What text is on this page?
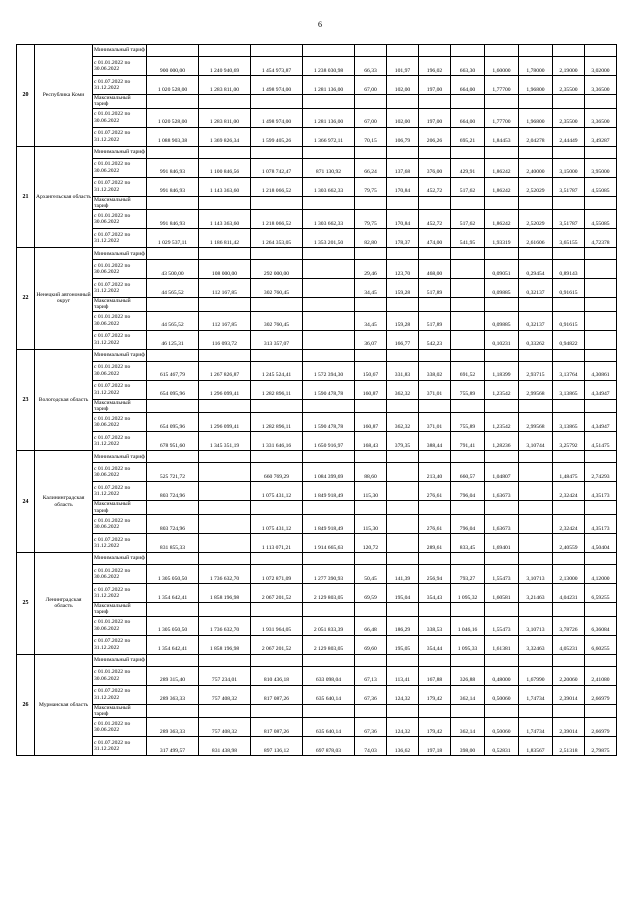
6
20	Республика Коми	Минимальный тариф												
		с 01.01.2022 по 30.06.2022	900 000,00	1 240 940,69	1 454 973,87	1 238 030,98	66,33	101,97	196,02	663,30	1,60000	1,78000	2,19000	3,02000
		с 01.07.2022 по 31.12.2022	1 020 528,00	1 283 811,00	1 498 974,00	1 281 136,00	67,00	102,00	197,00	664,00	1,77700	1,96800	2,35500	3,36500
		Максимальный тариф												
		с 01.01.2022 по 30.06.2022	1 020 528,00	1 283 811,00	1 498 974,00	1 281 136,00	67,00	102,00	197,00	664,00	1,77700	1,96800	2,35500	3,36500
		с 01.07.2022 по 31.12.2022	1 088 903,38	1 369 826,34	1 599 405,26	1 366 972,11	70,15	106,79	206,26	695,21	1,84453	2,04278	2,44449	3,49287
21	Архангельская область	Минимальный тариф												
		с 01.01.2022 по 30.06.2022	991 846,93	1 100 846,56	1 078 742,47	871 130,92	66,24	137,68	376,00	429,91	1,86242	2,40000	3,15000	3,95000
		с 01.07.2022 по 31.12.2022	991 846,93	1 143 363,60	1 218 066,52	1 303 662,33	79,75	170,84	452,72	517,62	1,86242	2,52029	3,51787	4,55085
		Максимальный тариф												
		с 01.01.2022 по 30.06.2022	991 846,93	1 143 363,60	1 218 066,52	1 303 662,33	79,75	170,84	452,72	517,62	1,86242	2,52029	3,51787	4,55085
		с 01.07.2022 по 31.12.2022	1 029 537,11	1 186 811,42	1 264 353,05	1 353 201,50	82,80	178,37	474,00	541,95	1,93319	2,61606	3,65155	4,72378
22	Ненецкий автономный округ	Минимальный тариф												
		с 01.01.2022 по 30.06.2022	43 500,00	108 000,00	292 000,00		29,46	123,70	468,00		0,09051	0,29454	0,89143	
		с 01.07.2022 по 31.12.2022	44 565,52	112 167,85	302 760,45		34,45	159,28	517,89		0,09885	0,32137	0,91615	
		Максимальный тариф												
		с 01.01.2022 по 30.06.2022	44 565,52	112 167,85	302 760,45		34,45	159,28	517,89		0,09885	0,32137	0,91615	
		с 01.07.2022 по 31.12.2022	46 125,31	116 093,72	313 357,07		36,07	166,77	542,23		0,10231	0,33262	0,94822	
23	Вологодская область	Минимальный тариф												
		с 01.01.2022 по 30.06.2022	615 467,79	1 267 826,87	1 245 524,41	1 572 394,30	150,67	331,83	338,02	691,52	1,18399	2,93715	3,13764	4,30861
		с 01.07.2022 по 31.12.2022	654 095,96	1 296 099,41	1 282 896,11	1 590 478,78	160,87	362,32	371,01	755,89	1,23542	2,99568	3,13865	4,34947
		Максимальный тариф												
		с 01.01.2022 по 30.06.2022	654 095,96	1 296 099,41	1 282 896,11	1 590 478,78	160,87	362,32	371,01	755,89	1,23542	2,99568	3,13865	4,34947
		с 01.07.2022 по 31.12.2022	678 951,60	1 345 351,19	1 331 646,16	1 650 916,97	168,43	379,35	388,44	791,41	1,28236	3,10744	3,25792	4,51475
24	Калининградская область	Минимальный тариф												
		с 01.01.2022 по 30.06.2022	525 721,72		660 769,29	1 084 399,69	88,60		213,40	660,57	1,04807		1,48475	2,74293
		с 01.07.2022 по 31.12.2022	803 724,96		1 075 431,12	1 849 918,49	115,30		276,61	796,04	1,63673		2,32424	4,35173
		Максимальный тариф												
		с 01.01.2022 по 30.06.2022	803 724,96		1 075 431,12	1 849 918,49	115,30		276,61	796,04	1,63673		2,32424	4,35173
		с 01.07.2022 по 31.12.2022	831 855,33		1 113 071,21	1 914 665,63	120,72		289,61	833,45	1,69401		2,40559	4,50404
25	Ленинградская область	Минимальный тариф												
		с 01.01.2022 по 30.06.2022	1 305 050,50	1 736 632,70	1 072 871,09	1 277 390,93	50,45	141,39	256,94	793,27	1,55473	3,10713	2,13000	4,12000
		с 01.07.2022 по 31.12.2022	1 354 642,41	1 858 196,98	2 067 201,52	2 129 803,05	69,59	195,04	354,43	1 095,32	1,60581	3,21463	4,04231	6,59255
		Максимальный тариф												
		с 01.01.2022 по 30.06.2022	1 305 050,50	1 736 632,70	1 931 964,05	2 051 833,39	66,48	186,29	338,53	1 046,16	1,55473	3,10713	3,78726	6,36084
		с 01.07.2022 по 31.12.2022	1 354 642,41	1 858 196,98	2 067 201,52	2 129 803,05	69,60	195,05	354,44	1 095,33	1,61381	3,32463	4,05231	6,60255
26	Мурманская область	Минимальный тариф												
		с 01.01.2022 по 30.06.2022	289 315,40	757 234,01	810 436,18	633 098,04	67,13	113,41	167,88	326,88	0,48000	1,67990	2,20060	2,41080
		с 01.07.2022 по 31.12.2022	289 363,33	757 408,32	817 087,26	635 640,14	67,36	124,32	179,42	362,14	0,50060	1,74734	2,39014	2,66979
		Максимальный тариф												
		с 01.01.2022 по 30.06.2022	289 363,33	757 408,32	817 087,26	635 640,14	67,36	124,32	179,42	362,14	0,50060	1,74734	2,39014	2,66979
		с 01.07.2022 по 31.12.2022	317 499,57	831 438,98	897 136,12	697 878,03	74,03	136,62	197,18	398,00	0,52831	1,83567	2,51318	2,79875
